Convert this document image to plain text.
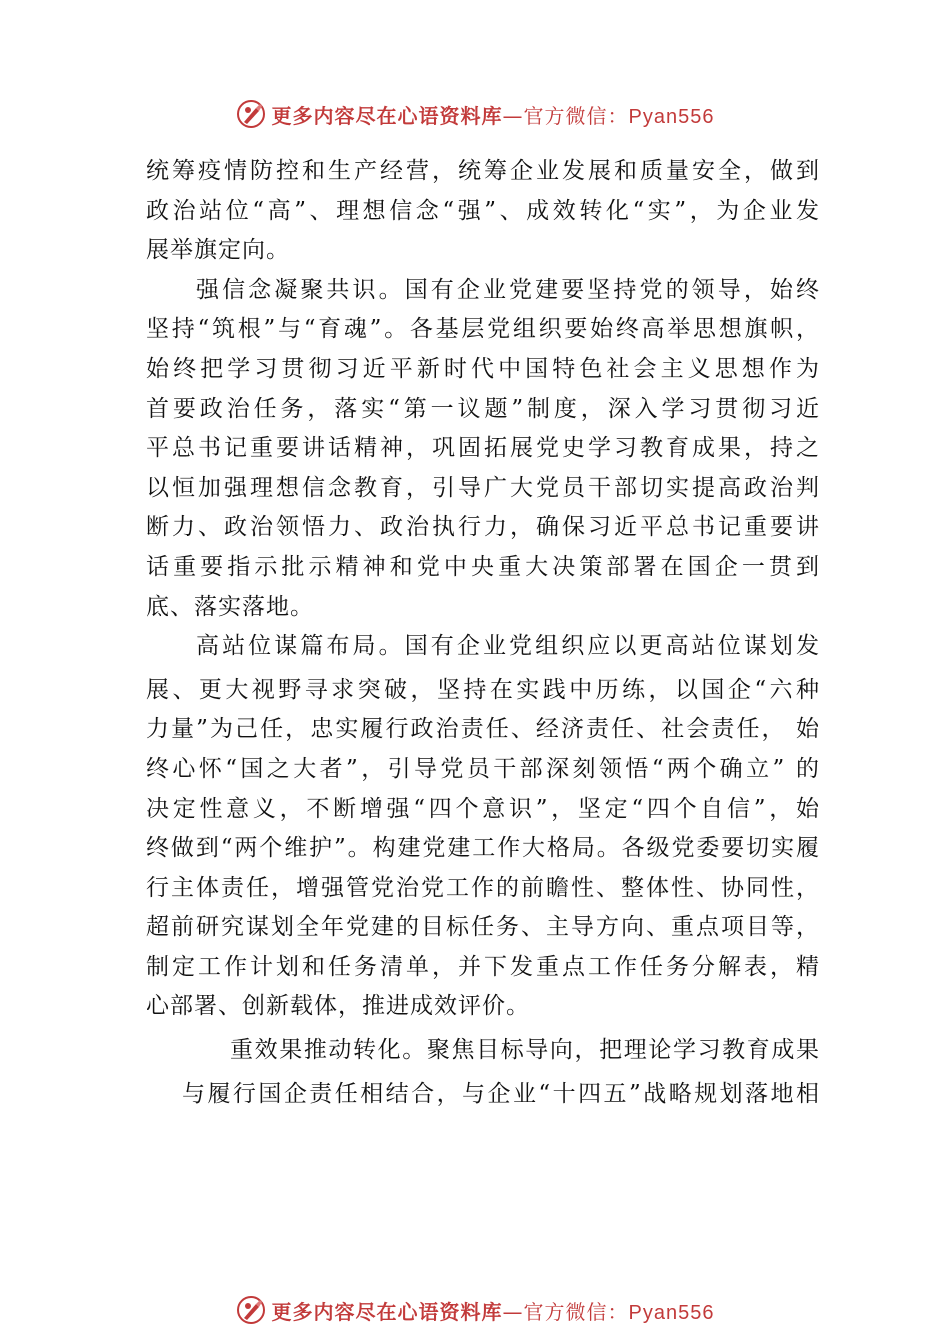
更多内容尽在心语资料库—官方微信：Pyan556
统筹疫情防控和生产经营，统筹企业发展和质量安全，做到
政治站位“高”、理想信念“强”、成效转化“实”，为企业发
展举旗定向。
强信念凝聚共识。国有企业党建要坚持党的领导，始终
坚持“筑根”与“育魂”。各基层党组织要始终高举思想旗帜，
始终把学习贯彻习近平新时代中国特色社会主义思想作为
首要政治任务，落实“第一议题”制度，深入学习贯彻习近
平总书记重要讲话精神，巩固拓展党史学习教育成果，持之
以恒加强理想信念教育，引导广大党员干部切实提高政治判
断力、政治领悟力、政治执行力，确保习近平总书记重要讲
话重要指示批示精神和党中央重大决策部署在国企一贯到
底、落实落地。
高站位谋篇布局。国有企业党组织应以更高站位谋划发
展、更大视野寻求突破，坚持在实践中历练，以国企“六种
力量”为己任，忠实履行政治责任、经济责任、社会责任， 始
终心怀“国之大者”，引导党员干部深刻领悟“两个确立” 的
决定性意义，不断增强“四个意识”，坚定“四个自信”，始
终做到“两个维护”。构建党建工作大格局。各级党委要切实履
行主体责任，增强管党治党工作的前瞻性、整体性、协同性，
超前研究谋划全年党建的目标任务、主导方向、重点项目等，
制定工作计划和任务清单，并下发重点工作任务分解表，精
心部署、创新载体，推进成效评价。
重效果推动转化。聚焦目标导向，把理论学习教育成果
与履行国企责任相结合，与企业“十四五”战略规划落地相
更多内容尽在心语资料库—官方微信：Pyan556
